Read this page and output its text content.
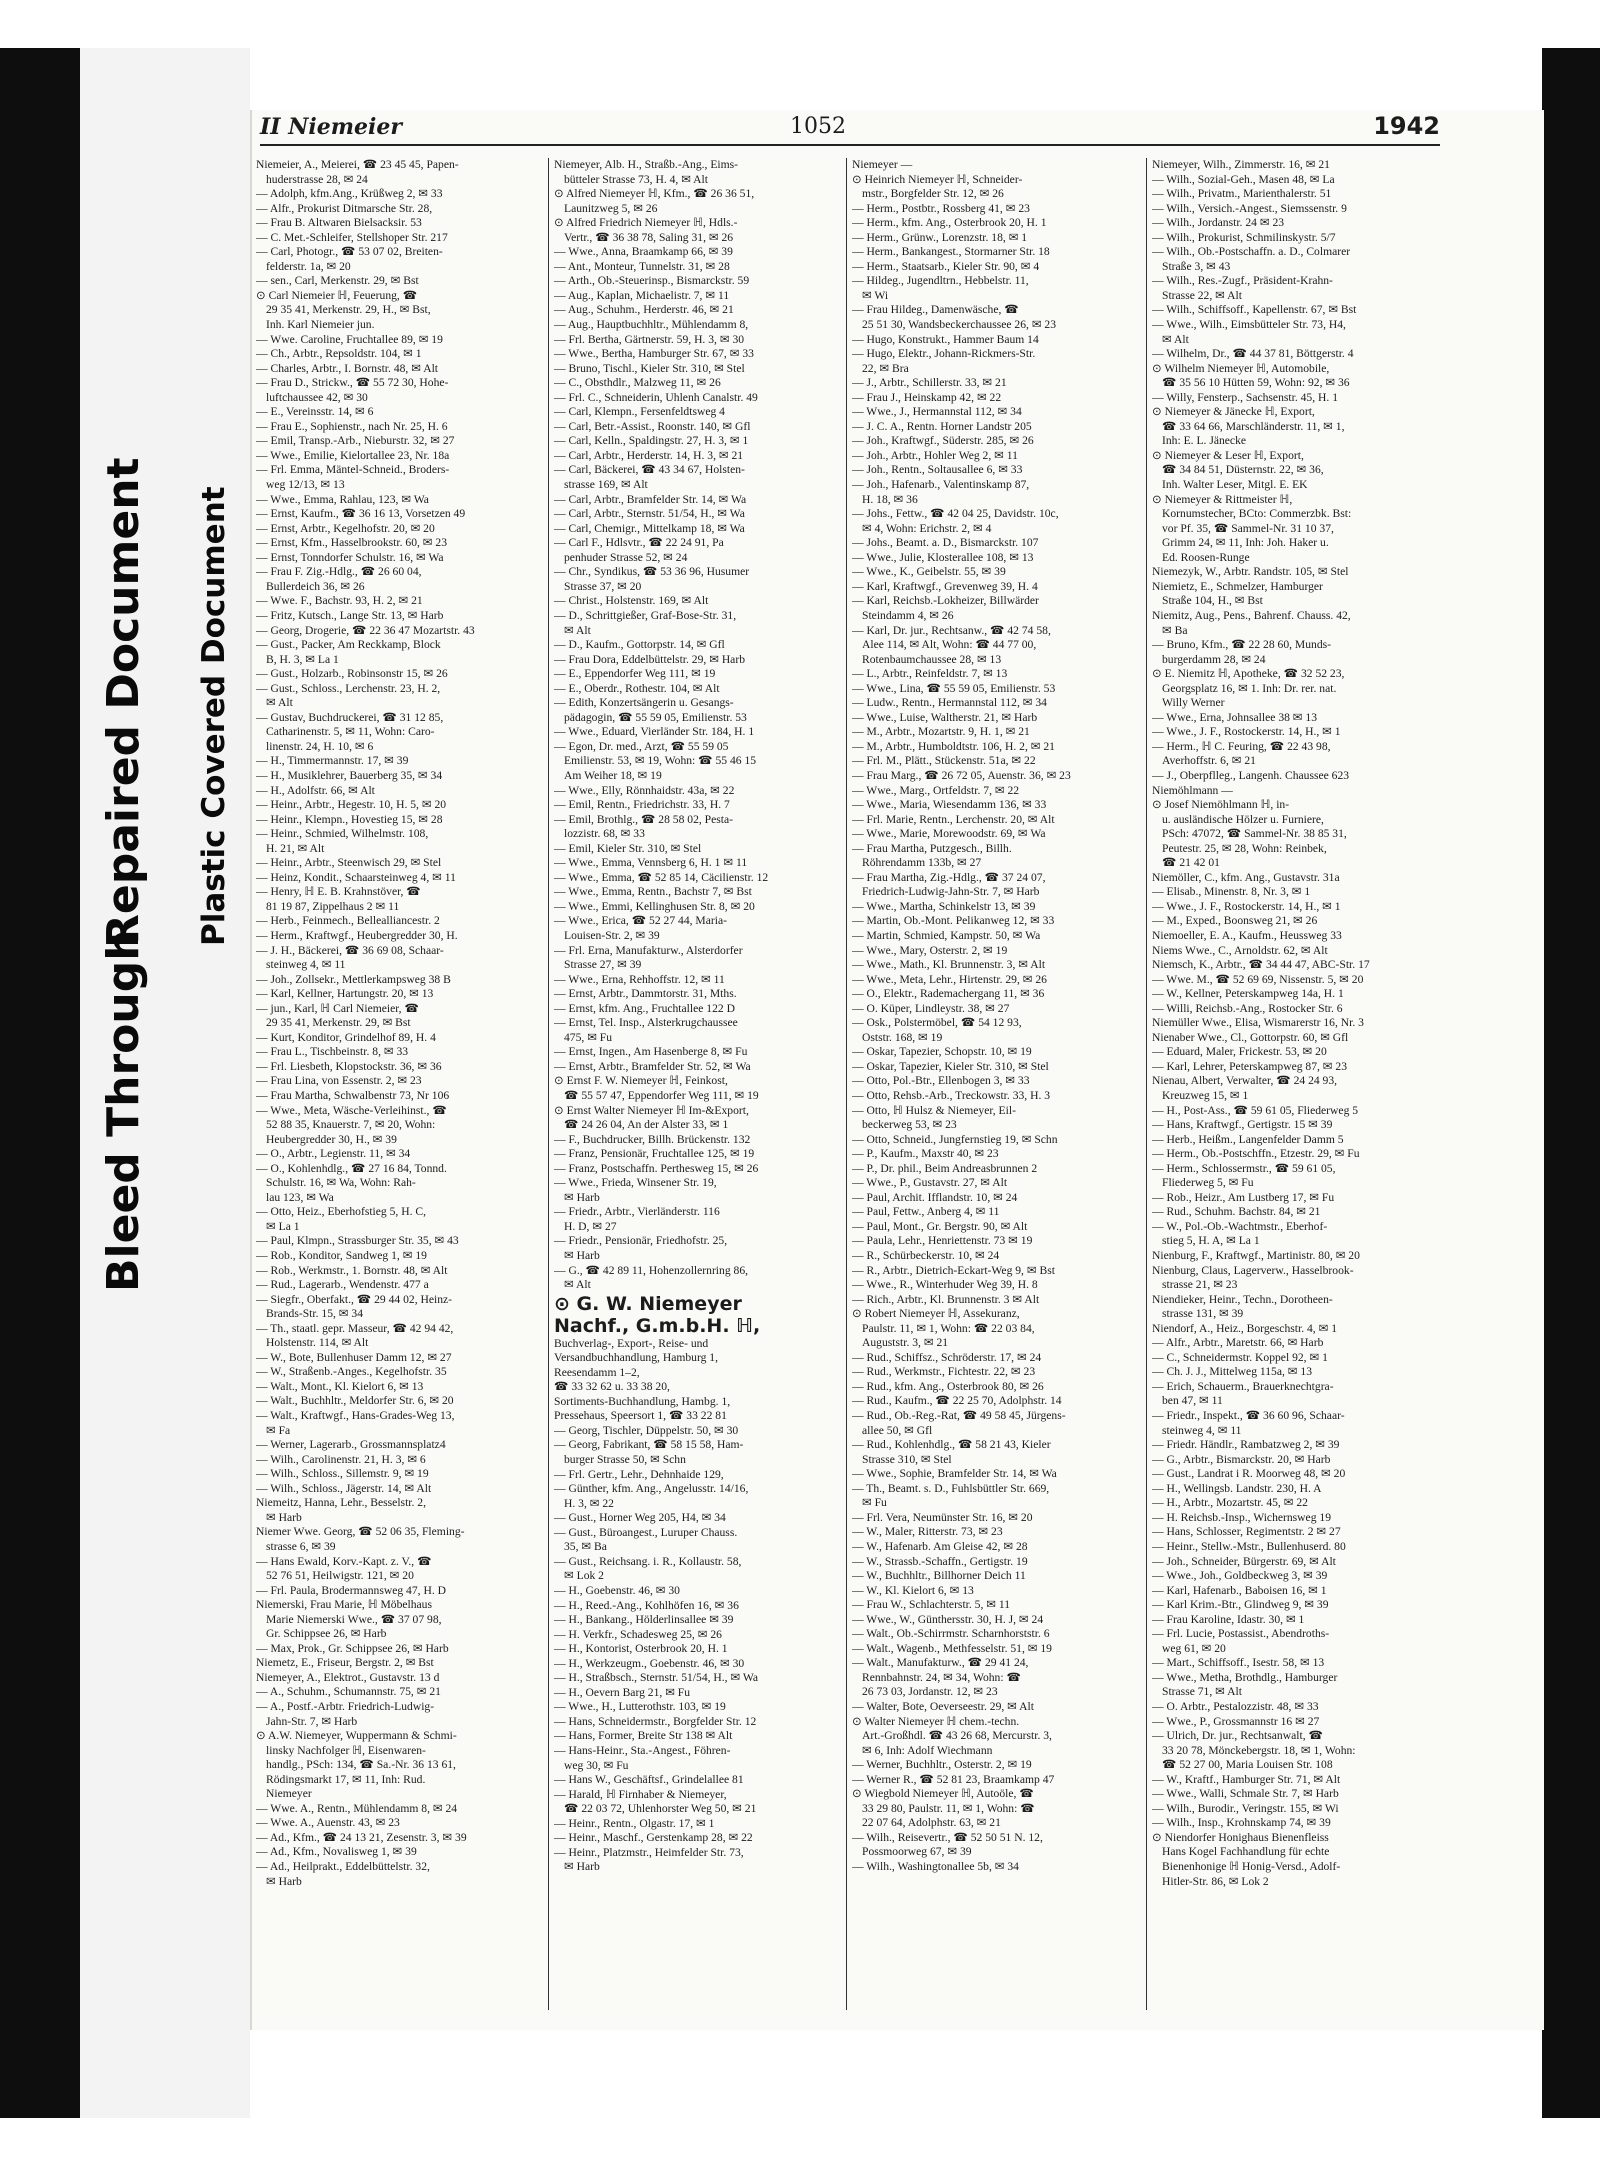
Bleed Through
Repaired Document Plastic Covered Document
II Niemeier	1052	1942
Niemeier, A., Meierei, ☎ 23 45 45, Papen-
huderstrasse 28, ✉ 24
— Adolph, kfm.Ang., Krüßweg 2, ✉ 33
— Alfr., Prokurist Ditmarsche Str. 28,
— Frau B. Altwaren Bielsacksir. 53
— C. Met.-Schleifer, Stellshoper Str. 217
— Carl, Photogr., ☎ 53 07 02, Breiten-
felderstr. 1a, ✉ 20
— sen., Carl, Merkenstr. 29, ✉ Bst
⊙ Carl Niemeier ℍ, Feuerung, ☎
29 35 41, Merkenstr. 29, H., ✉ Bst,
Inh. Karl Niemeier jun.
— Wwe. Caroline, Fruchtallee 89, ✉ 19
— Ch., Arbtr., Repsoldstr. 104, ✉ 1
— Charles, Arbtr., I. Bornstr. 48, ✉ Alt
— Frau D., Strickw., ☎ 55 72 30, Hohe-
luftchaussee 42, ✉ 30
— E., Vereinsstr. 14, ✉ 6
— Frau E., Sophienstr., nach Nr. 25, H. 6
— Emil, Transp.-Arb., Nieburstr. 32, ✉ 27
— Wwe., Emilie, Kielortallee 23, Nr. 18a
— Frl. Emma, Mäntel-Schneid., Broders-
weg 12/13, ✉ 13
— Wwe., Emma, Rahlau, 123, ✉ Wa
— Ernst, Kaufm., ☎ 36 16 13, Vorsetzen 49
— Ernst, Arbtr., Kegelhofstr. 20, ✉ 20
— Ernst, Kfm., Hasselbrookstr. 60, ✉ 23
— Ernst, Tonndorfer Schulstr. 16, ✉ Wa
— Frau F. Zig.-Hdlg., ☎ 26 60 04,
Bullerdeich 36, ✉ 26
— Wwe. F., Bachstr. 93, H. 2, ✉ 21
— Fritz, Kutsch., Lange Str. 13, ✉ Harb
— Georg, Drogerie, ☎ 22 36 47 Mozartstr. 43
— Gust., Packer, Am Reckkamp, Block
B, H. 3, ✉ La 1
— Gust., Holzarb., Robinsonstr 15, ✉ 26
— Gust., Schloss., Lerchenstr. 23, H. 2,
✉ Alt
— Gustav, Buchdruckerei, ☎ 31 12 85,
Catharinenstr. 5, ✉ 11, Wohn: Caro-
linenstr. 24, H. 10, ✉ 6
— H., Timmermannstr. 17, ✉ 39
— H., Musiklehrer, Bauerberg 35, ✉ 34
— H., Adolfstr. 66, ✉ Alt
— Heinr., Arbtr., Hegestr. 10, H. 5, ✉ 20
— Heinr., Klempn., Hovestieg 15, ✉ 28
— Heinr., Schmied, Wilhelmstr. 108,
H. 21, ✉ Alt
— Heinr., Arbtr., Steenwisch 29, ✉ Stel
— Heinz, Kondit., Schaarsteinweg 4, ✉ 11
— Henry, ℍ E. B. Krahnstöver, ☎
81 19 87, Zippelhaus 2 ✉ 11
— Herb., Feinmech., Bellealliancestr. 2
— Herm., Kraftwgf., Heubergredder 30, H.
— J. H., Bäckerei, ☎ 36 69 08, Schaar-
steinweg 4, ✉ 11
— Joh., Zollsekr., Mettlerkampsweg 38 B
— Karl, Kellner, Hartungstr. 20, ✉ 13
— jun., Karl, ℍ Carl Niemeier, ☎
29 35 41, Merkenstr. 29, ✉ Bst
— Kurt, Konditor, Grindelhof 89, H. 4
— Frau L., Tischbeinstr. 8, ✉ 33
— Frl. Liesbeth, Klopstockstr. 36, ✉ 36
— Frau Lina, von Essenstr. 2, ✉ 23
— Frau Martha, Schwalbenstr 73, Nr 106
— Wwe., Meta, Wäsche-Verleihinst., ☎
52 88 35, Knauerstr. 7, ✉ 20, Wohn:
Heubergredder 30, H., ✉ 39
— O., Arbtr., Legienstr. 11, ✉ 34
— O., Kohlenhdlg., ☎ 27 16 84, Tonnd.
Schulstr. 16, ✉ Wa, Wohn: Rah-
lau 123, ✉ Wa
— Otto, Heiz., Eberhofstieg 5, H. C,
✉ La 1
— Paul, Klmpn., Strassburger Str. 35, ✉ 43
— Rob., Konditor, Sandweg 1, ✉ 19
— Rob., Werkmstr., 1. Bornstr. 48, ✉ Alt
— Rud., Lagerarb., Wendenstr. 477 a
— Siegfr., Oberfakt., ☎ 29 44 02, Heinz-
Brands-Str. 15, ✉ 34
— Th., staatl. gepr. Masseur, ☎ 42 94 42,
Holstenstr. 114, ✉ Alt
— W., Bote, Bullenhuser Damm 12, ✉ 27
— W., Straßenb.-Anges., Kegelhofstr. 35
— Walt., Mont., Kl. Kielort 6, ✉ 13
— Walt., Buchhltr., Meldorfer Str. 6, ✉ 20
— Walt., Kraftwgf., Hans-Grades-Weg 13,
✉ Fa
— Werner, Lagerarb., Grossmannsplatz4
— Wilh., Carolinenstr. 21, H. 3, ✉ 6
— Wilh., Schloss., Sillemstr. 9, ✉ 19
— Wilh., Schloss., Jägerstr. 14, ✉ Alt
Niemeitz, Hanna, Lehr., Besselstr. 2,
✉ Harb
Niemer Wwe. Georg, ☎ 52 06 35, Fleming-
strasse 6, ✉ 39
— Hans Ewald, Korv.-Kapt. z. V., ☎
52 76 51, Heilwigstr. 121, ✉ 20
— Frl. Paula, Brodermannsweg 47, H. D
Niemerski, Frau Marie, ℍ Möbelhaus
Marie Niemerski Wwe., ☎ 37 07 98,
Gr. Schippsee 26, ✉ Harb
— Max, Prok., Gr. Schippsee 26, ✉ Harb
Niemetz, E., Friseur, Bergstr. 2, ✉ Bst
Niemeyer, A., Elektrot., Gustavstr. 13 d
— A., Schuhm., Schumannstr. 75, ✉ 21
— A., Postf.-Arbtr. Friedrich-Ludwig-
Jahn-Str. 7, ✉ Harb
⊙ A.W. Niemeyer, Wuppermann & Schmi-
linsky Nachfolger ℍ, Eisenwaren-
handlg., PSch: 134, ☎ Sa.-Nr. 36 13 61,
Rödingsmarkt 17, ✉ 11, Inh: Rud.
Niemeyer
— Wwe. A., Rentn., Mühlendamm 8, ✉ 24
— Wwe. A., Auenstr. 43, ✉ 23
— Ad., Kfm., ☎ 24 13 21, Zesenstr. 3, ✉ 39
— Ad., Kfm., Novalisweg 1, ✉ 39
— Ad., Heilprakt., Eddelbüttelstr. 32,
✉ Harb
Niemeyer, Alb. H., Straßb.-Ang., Eims-
bütteler Strasse 73, H. 4, ✉ Alt
⊙ Alfred Niemeyer ℍ, Kfm., ☎ 26 36 51,
Launitzweg 5, ✉ 26
⊙ Alfred Friedrich Niemeyer ℍ, Hdls.-
Vertr., ☎ 36 38 78, Saling 31, ✉ 26
— Wwe., Anna, Braamkamp 66, ✉ 39
— Ant., Monteur, Tunnelstr. 31, ✉ 28
— Arth., Ob.-Steuerinsp., Bismarckstr. 59
— Aug., Kaplan, Michaelistr. 7, ✉ 11
— Aug., Schuhm., Herderstr. 46, ✉ 21
— Aug., Hauptbuchhltr., Mühlendamm 8,
— Frl. Bertha, Gärtnerstr. 59, H. 3, ✉ 30
— Wwe., Bertha, Hamburger Str. 67, ✉ 33
— Bruno, Tischl., Kieler Str. 310, ✉ Stel
— C., Obsthdlr., Malzweg 11, ✉ 26
— Frl. C., Schneiderin, Uhlenh Canalstr. 49
— Carl, Klempn., Fersenfeldtsweg 4
— Carl, Betr.-Assist., Roonstr. 140, ✉ Gfl
— Carl, Kelln., Spaldingstr. 27, H. 3, ✉ 1
— Carl, Arbtr., Herderstr. 14, H. 3, ✉ 21
— Carl, Bäckerei, ☎ 43 34 67, Holsten-
strasse 169, ✉ Alt
— Carl, Arbtr., Bramfelder Str. 14, ✉ Wa
— Carl, Arbtr., Sternstr. 51/54, H., ✉ Wa
— Carl, Chemigr., Mittelkamp 18, ✉ Wa
— Carl F., Hdlsvtr., ☎ 22 24 91, Pa
penhuder Strasse 52, ✉ 24
— Chr., Syndikus, ☎ 53 36 96, Husumer
Strasse 37, ✉ 20
— Christ., Holstenstr. 169, ✉ Alt
— D., Schrittgießer, Graf-Bose-Str. 31,
✉ Alt
— D., Kaufm., Gottorpstr. 14, ✉ Gfl
— Frau Dora, Eddelbüttelstr. 29, ✉ Harb
— E., Eppendorfer Weg 111, ✉ 19
— E., Oberdr., Rothestr. 104, ✉ Alt
— Edith, Konzertsängerin u. Gesangs-
pädagogin, ☎ 55 59 05, Emilienstr. 53
— Wwe., Eduard, Vierländer Str. 184, H. 1
— Egon, Dr. med., Arzt, ☎ 55 59 05
Emilienstr. 53, ✉ 19, Wohn: ☎ 55 46 15
Am Weiher 18, ✉ 19
— Wwe., Elly, Rönnhaidstr. 43a, ✉ 22
— Emil, Rentn., Friedrichstr. 33, H. 7
— Emil, Brothlg., ☎ 28 58 02, Pesta-
lozzistr. 68, ✉ 33
— Emil, Kieler Str. 310, ✉ Stel
— Wwe., Emma, Vennsberg 6, H. 1 ✉ 11
— Wwe., Emma, ☎ 52 85 14, Cäcilienstr. 12
— Wwe., Emma, Rentn., Bachstr 7, ✉ Bst
— Wwe., Emmi, Kellinghusen Str. 8, ✉ 20
— Wwe., Erica, ☎ 52 27 44, Maria-
Louisen-Str. 2, ✉ 39
— Frl. Erna, Manufakturw., Alsterdorfer
Strasse 27, ✉ 39
— Wwe., Erna, Rehhoffstr. 12, ✉ 11
— Ernst, Arbtr., Dammtorstr. 31, Mths.
— Ernst, kfm. Ang., Fruchtallee 122 D
— Ernst, Tel. Insp., Alsterkrugchaussee
475, ✉ Fu
— Ernst, Ingen., Am Hasenberge 8, ✉ Fu
— Ernst, Arbtr., Bramfelder Str. 52, ✉ Wa
⊙ Ernst F. W. Niemeyer ℍ, Feinkost,
☎ 55 57 47, Eppendorfer Weg 111, ✉ 19
⊙ Ernst Walter Niemeyer ℍ Im-&Export,
☎ 24 26 04, An der Alster 33, ✉ 1
— F., Buchdrucker, Billh. Brückenstr. 132
— Franz, Pensionär, Fruchtallee 125, ✉ 19
— Franz, Postschaffn. Perthesweg 15, ✉ 26
— Wwe., Frieda, Winsener Str. 19,
✉ Harb
— Friedr., Arbtr., Vierländerstr. 116
H. D, ✉ 27
— Friedr., Pensionär, Friedhofstr. 25,
✉ Harb
— G., ☎ 42 89 11, Hohenzollernring 86,
✉ Alt
⊙ G. W. Niemeyer
Nachf., G.m.b.H. ℍ,
Buchverlag-, Export-, Reise- und
Versandbuchhandlung, Hamburg 1,
Reesendamm 1–2,
☎ 33 32 62 u. 33 38 20,
Sortiments-Buchhandlung, Hambg. 1,
Pressehaus, Speersort 1, ☎ 33 22 81
— Georg, Tischler, Düppelstr. 50, ✉ 30
— Georg, Fabrikant, ☎ 58 15 58, Ham-
burger Strasse 50, ✉ Schn
— Frl. Gertr., Lehr., Dehnhaide 129,
— Günther, kfm. Ang., Angelusstr. 14/16,
H. 3, ✉ 22
— Gust., Horner Weg 205, H4, ✉ 34
— Gust., Büroangest., Luruper Chauss.
35, ✉ Ba
— Gust., Reichsang. i. R., Kollaustr. 58,
✉ Lok 2
— H., Goebenstr. 46, ✉ 30
— H., Reed.-Ang., Kohlhöfen 16, ✉ 36
— H., Bankang., Hölderlinsallee ✉ 39
— H. Verkfr., Schadesweg 25, ✉ 26
— H., Kontorist, Osterbrook 20, H. 1
— H., Werkzeugm., Goebenstr. 46, ✉ 30
— H., Straßbsch., Sternstr. 51/54, H., ✉ Wa
— H., Oevern Barg 21, ✉ Fu
— Wwe., H., Lutterothstr. 103, ✉ 19
— Hans, Schneidermstr., Borgfelder Str. 12
— Hans, Former, Breite Str 138 ✉ Alt
— Hans-Heinr., Sta.-Angest., Föhren-
weg 30, ✉ Fu
— Hans W., Geschäftsf., Grindelallee 81
— Harald, ℍ Firnhaber & Niemeyer,
☎ 22 03 72, Uhlenhorster Weg 50, ✉ 21
— Heinr., Rentn., Olgastr. 17, ✉ 1
— Heinr., Maschf., Gerstenkamp 28, ✉ 22
— Heinr., Platzmstr., Heimfelder Str. 73,
✉ Harb
Niemeyer —
⊙ Heinrich Niemeyer ℍ, Schneider-
mstr., Borgfelder Str. 12, ✉ 26
— Herm., Postbtr., Rossberg 41, ✉ 23
— Herm., kfm. Ang., Osterbrook 20, H. 1
— Herm., Grünw., Lorenzstr. 18, ✉ 1
— Herm., Bankangest., Stormarner Str. 18
— Herm., Staatsarb., Kieler Str. 90, ✉ 4
— Hildeg., Jugendltrn., Hebbelstr. 11,
✉ Wi
— Frau Hildeg., Damenwäsche, ☎
25 51 30, Wandsbeckerchaussee 26, ✉ 23
— Hugo, Konstrukt., Hammer Baum 14
— Hugo, Elektr., Johann-Rickmers-Str.
22, ✉ Bra
— J., Arbtr., Schillerstr. 33, ✉ 21
— Frau J., Heinskamp 42, ✉ 22
— Wwe., J., Hermannstal 112, ✉ 34
— J. C. A., Rentn. Horner Landstr 205
— Joh., Kraftwgf., Süderstr. 285, ✉ 26
— Joh., Arbtr., Hohler Weg 2, ✉ 11
— Joh., Rentn., Soltausallee 6, ✉ 33
— Joh., Hafenarb., Valentinskamp 87,
H. 18, ✉ 36
— Johs., Fettw., ☎ 42 04 25, Davidstr. 10c,
✉ 4, Wohn: Erichstr. 2, ✉ 4
— Johs., Beamt. a. D., Bismarckstr. 107
— Wwe., Julie, Klosterallee 108, ✉ 13
— Wwe., K., Geibelstr. 55, ✉ 39
— Karl, Kraftwgf., Grevenweg 39, H. 4
— Karl, Reichsb.-Lokheizer, Billwärder
Steindamm 4, ✉ 26
— Karl, Dr. jur., Rechtsanw., ☎ 42 74 58,
Alee 114, ✉ Alt, Wohn: ☎ 44 77 00,
Rotenbaumchaussee 28, ✉ 13
— L., Arbtr., Reinfeldstr. 7, ✉ 13
— Wwe., Lina, ☎ 55 59 05, Emilienstr. 53
— Ludw., Rentn., Hermannstal 112, ✉ 34
— Wwe., Luise, Waltherstr. 21, ✉ Harb
— M., Arbtr., Mozartstr. 9, H. 1, ✉ 21
— M., Arbtr., Humboldtstr. 106, H. 2, ✉ 21
— Frl. M., Plätt., Stückenstr. 51a, ✉ 22
— Frau Marg., ☎ 26 72 05, Auenstr. 36, ✉ 23
— Wwe., Marg., Ortfeldstr. 7, ✉ 22
— Wwe., Maria, Wiesendamm 136, ✉ 33
— Frl. Marie, Rentn., Lerchenstr. 20, ✉ Alt
— Wwe., Marie, Morewoodstr. 69, ✉ Wa
— Frau Martha, Putzgesch., Billh.
Röhrendamm 133b, ✉ 27
— Frau Martha, Zig.-Hdlg., ☎ 37 24 07,
Friedrich-Ludwig-Jahn-Str. 7, ✉ Harb
— Wwe., Martha, Schinkelstr 13, ✉ 39
— Martin, Ob.-Mont. Pelikanweg 12, ✉ 33
— Martin, Schmied, Kampstr. 50, ✉ Wa
— Wwe., Mary, Osterstr. 2, ✉ 19
— Wwe., Math., Kl. Brunnenstr. 3, ✉ Alt
— Wwe., Meta, Lehr., Hirtenstr. 29, ✉ 26
— O., Elektr., Rademachergang 11, ✉ 36
— O. Küper, Lindleystr. 38, ✉ 27
— Osk., Polstermöbel, ☎ 54 12 93,
Oststr. 168, ✉ 19
— Oskar, Tapezier, Schopstr. 10, ✉ 19
— Oskar, Tapezier, Kieler Str. 310, ✉ Stel
— Otto, Pol.-Btr., Ellenbogen 3, ✉ 33
— Otto, Rehsb.-Arb., Treckowstr. 33, H. 3
— Otto, ℍ Hulsz & Niemeyer, Eil-
beckerweg 53, ✉ 23
— Otto, Schneid., Jungfernstieg 19, ✉ Schn
— P., Kaufm., Maxstr 40, ✉ 23
— P., Dr. phil., Beim Andreasbrunnen 2
— Wwe., P., Gustavstr. 27, ✉ Alt
— Paul, Archit. Ifflandstr. 10, ✉ 24
— Paul, Fettw., Anberg 4, ✉ 11
— Paul, Mont., Gr. Bergstr. 90, ✉ Alt
— Paula, Lehr., Henriettenstr. 73 ✉ 19
— R., Schürbeckerstr. 10, ✉ 24
— R., Arbtr., Dietrich-Eckart-Weg 9, ✉ Bst
— Wwe., R., Winterhuder Weg 39, H. 8
— Rich., Arbtr., Kl. Brunnenstr. 3 ✉ Alt
⊙ Robert Niemeyer ℍ, Assekuranz,
Paulstr. 11, ✉ 1, Wohn: ☎ 22 03 84,
Auguststr. 3, ✉ 21
— Rud., Schiffsz., Schröderstr. 17, ✉ 24
— Rud., Werkmstr., Fichtestr. 22, ✉ 23
— Rud., kfm. Ang., Osterbrook 80, ✉ 26
— Rud., Kaufm., ☎ 22 25 70, Adolphstr. 14
— Rud., Ob.-Reg.-Rat, ☎ 49 58 45, Jürgens-
allee 50, ✉ Gfl
— Rud., Kohlenhdlg., ☎ 58 21 43, Kieler
Strasse 310, ✉ Stel
— Wwe., Sophie, Bramfelder Str. 14, ✉ Wa
— Th., Beamt. s. D., Fuhlsbüttler Str. 669,
✉ Fu
— Frl. Vera, Neumünster Str. 16, ✉ 20
— W., Maler, Ritterstr. 73, ✉ 23
— W., Hafenarb. Am Gleise 42, ✉ 28
— W., Strassb.-Schaffn., Gertigstr. 19
— W., Buchhltr., Billhorner Deich 11
— W., Kl. Kielort 6, ✉ 13
— Frau W., Schlachterstr. 5, ✉ 11
— Wwe., W., Günthersstr. 30, H. J, ✉ 24
— Walt., Ob.-Schirrmstr. Scharnhorststr. 6
— Walt., Wagenb., Methfesselstr. 51, ✉ 19
— Walt., Manufakturw., ☎ 29 41 24,
Rennbahnstr. 24, ✉ 34, Wohn: ☎
26 73 03, Jordanstr. 12, ✉ 23
— Walter, Bote, Oeverseestr. 29, ✉ Alt
⊙ Walter Niemeyer ℍ chem.-techn.
Art.-Großhdl. ☎ 43 26 68, Mercurstr. 3,
✉ 6, Inh: Adolf Wiechmann
— Werner, Buchhltr., Osterstr. 2, ✉ 19
— Werner R., ☎ 52 81 23, Braamkamp 47
⊙ Wiegbold Niemeyer ℍ, Autoöle, ☎
33 29 80, Paulstr. 11, ✉ 1, Wohn: ☎
22 07 64, Adolphstr. 63, ✉ 21
— Wilh., Reisevertr., ☎ 52 50 51 N. 12,
Possmoorweg 67, ✉ 39
— Wilh., Washingtonallee 5b, ✉ 34
Niemeyer, Wilh., Zimmerstr. 16, ✉ 21
— Wilh., Sozial-Geh., Masen 48, ✉ La
— Wilh., Privatm., Marienthalerstr. 51
— Wilh., Versich.-Angest., Siemssenstr. 9
— Wilh., Jordanstr. 24 ✉ 23
— Wilh., Prokurist, Schmilinskystr. 5/7
— Wilh., Ob.-Postschaffn. a. D., Colmarer
Straße 3, ✉ 43
— Wilh., Res.-Zugf., Präsident-Krahn-
Strasse 22, ✉ Alt
— Wilh., Schiffsoff., Kapellenstr. 67, ✉ Bst
— Wwe., Wilh., Eimsbütteler Str. 73, H4,
✉ Alt
— Wilhelm, Dr., ☎ 44 37 81, Böttgerstr. 4
⊙ Wilhelm Niemeyer ℍ, Automobile,
☎ 35 56 10 Hütten 59, Wohn: 92, ✉ 36
— Willy, Fensterp., Sachsenstr. 45, H. 1
⊙ Niemeyer & Jänecke ℍ, Export,
☎ 33 64 66, Marschländerstr. 11, ✉ 1,
Inh: E. L. Jänecke
⊙ Niemeyer & Leser ℍ, Export,
☎ 34 84 51, Düsternstr. 22, ✉ 36,
Inh. Walter Leser, Mitgl. E. EK
⊙ Niemeyer & Rittmeister ℍ,
Kornumstecher, BCto: Commerzbk. Bst:
vor Pf. 35, ☎ Sammel-Nr. 31 10 37,
Grimm 24, ✉ 11, Inh: Joh. Haker u.
Ed. Roosen-Runge
Niemezyk, W., Arbtr. Randstr. 105, ✉ Stel
Niemietz, E., Schmelzer, Hamburger
Straße 104, H., ✉ Bst
Niemitz, Aug., Pens., Bahrenf. Chauss. 42,
✉ Ba
— Bruno, Kfm., ☎ 22 28 60, Munds-
burgerdamm 28, ✉ 24
⊙ E. Niemitz ℍ, Apotheke, ☎ 32 52 23,
Georgsplatz 16, ✉ 1. Inh: Dr. rer. nat.
Willy Werner
— Wwe., Erna, Johnsallee 38 ✉ 13
— Wwe., J. F., Rostockerstr. 14, H., ✉ 1
— Herm., ℍ C. Feuring, ☎ 22 43 98,
Averhoffstr. 6, ✉ 21
— J., Oberpflleg., Langenh. Chaussee 623
Niemöhlmann —
⊙ Josef Niemöhlmann ℍ, in-
u. ausländische Hölzer u. Furniere,
PSch: 47072, ☎ Sammel-Nr. 38 85 31,
Peutestr. 25, ✉ 28, Wohn: Reinbek,
☎ 21 42 01
Niemöller, C., kfm. Ang., Gustavstr. 31a
— Elisab., Minenstr. 8, Nr. 3, ✉ 1
— Wwe., J. F., Rostockerstr. 14, H., ✉ 1
— M., Exped., Boonsweg 21, ✉ 26
Niemoeller, E. A., Kaufm., Heussweg 33
Niems Wwe., C., Arnoldstr. 62, ✉ Alt
Niemsch, K., Arbtr., ☎ 34 44 47, ABC-Str. 17
— Wwe. M., ☎ 52 69 69, Nissenstr. 5, ✉ 20
— W., Kellner, Peterskampweg 14a, H. 1
— Willi, Reichsb.-Ang., Rostocker Str. 6
Niemüller Wwe., Elisa, Wismarerstr 16, Nr. 3
Nienaber Wwe., Cl., Gottorpstr. 60, ✉ Gfl
— Eduard, Maler, Frickestr. 53, ✉ 20
— Karl, Lehrer, Peterskampweg 87, ✉ 23
Nienau, Albert, Verwalter, ☎ 24 24 93,
Kreuzweg 15, ✉ 1
— H., Post-Ass., ☎ 59 61 05, Fliederweg 5
— Hans, Kraftwgf., Gertigstr. 15 ✉ 39
— Herb., Heißm., Langenfelder Damm 5
— Herm., Ob.-Postschffn., Etzestr. 29, ✉ Fu
— Herm., Schlossermstr., ☎ 59 61 05,
Fliederweg 5, ✉ Fu
— Rob., Heizr., Am Lustberg 17, ✉ Fu
— Rud., Schuhm. Bachstr. 84, ✉ 21
— W., Pol.-Ob.-Wachtmstr., Eberhof-
stieg 5, H. A, ✉ La 1
Nienburg, F., Kraftwgf., Martinistr. 80, ✉ 20
Nienburg, Claus, Lagerverw., Hasselbrook-
strasse 21, ✉ 23
Niendieker, Heinr., Techn., Dorotheen-
strasse 131, ✉ 39
Niendorf, A., Heiz., Borgeschstr. 4, ✉ 1
— Alfr., Arbtr., Maretstr. 66, ✉ Harb
— C., Schneidermstr. Koppel 92, ✉ 1
— Ch. J. J., Mittelweg 115a, ✉ 13
— Erich, Schauerm., Brauerknechtgra-
ben 47, ✉ 11
— Friedr., Inspekt., ☎ 36 60 96, Schaar-
steinweg 4, ✉ 11
— Friedr. Händlr., Rambatzweg 2, ✉ 39
— G., Arbtr., Bismarckstr. 20, ✉ Harb
— Gust., Landrat i R. Moorweg 48, ✉ 20
— H., Wellingsb. Landstr. 230, H. A
— H., Arbtr., Mozartstr. 45, ✉ 22
— H. Reichsb.-Insp., Wichernsweg 19
— Hans, Schlosser, Regimentstr. 2 ✉ 27
— Heinr., Stellw.-Mstr., Bullenhuserd. 80
— Joh., Schneider, Bürgerstr. 69, ✉ Alt
— Wwe., Joh., Goldbeckweg 3, ✉ 39
— Karl, Hafenarb., Baboisen 16, ✉ 1
— Karl Krim.-Btr., Glindweg 9, ✉ 39
— Frau Karoline, Idastr. 30, ✉ 1
— Frl. Lucie, Postassist., Abendroths-
weg 61, ✉ 20
— Mart., Schiffsoff., Isestr. 58, ✉ 13
— Wwe., Metha, Brothdlg., Hamburger
Strasse 71, ✉ Alt
— O. Arbtr., Pestalozzistr. 48, ✉ 33
— Wwe., P., Grossmannstr 16 ✉ 27
— Ulrich, Dr. jur., Rechtsanwalt, ☎
33 20 78, Mönckebergstr. 18, ✉ 1, Wohn:
☎ 52 27 00, Maria Louisen Str. 108
— W., Kraftf., Hamburger Str. 71, ✉ Alt
— Wwe., Walli, Schmale Str. 7, ✉ Harb
— Wilh., Burodir., Veringstr. 155, ✉ Wi
— Wilh., Insp., Krohnskamp 74, ✉ 39
⊙ Niendorfer Honighaus Bienenfleiss
Hans Kogel Fachhandlung für echte
Bienenhonige ℍ Honig-Versd., Adolf-
Hitler-Str. 86, ✉ Lok 2
